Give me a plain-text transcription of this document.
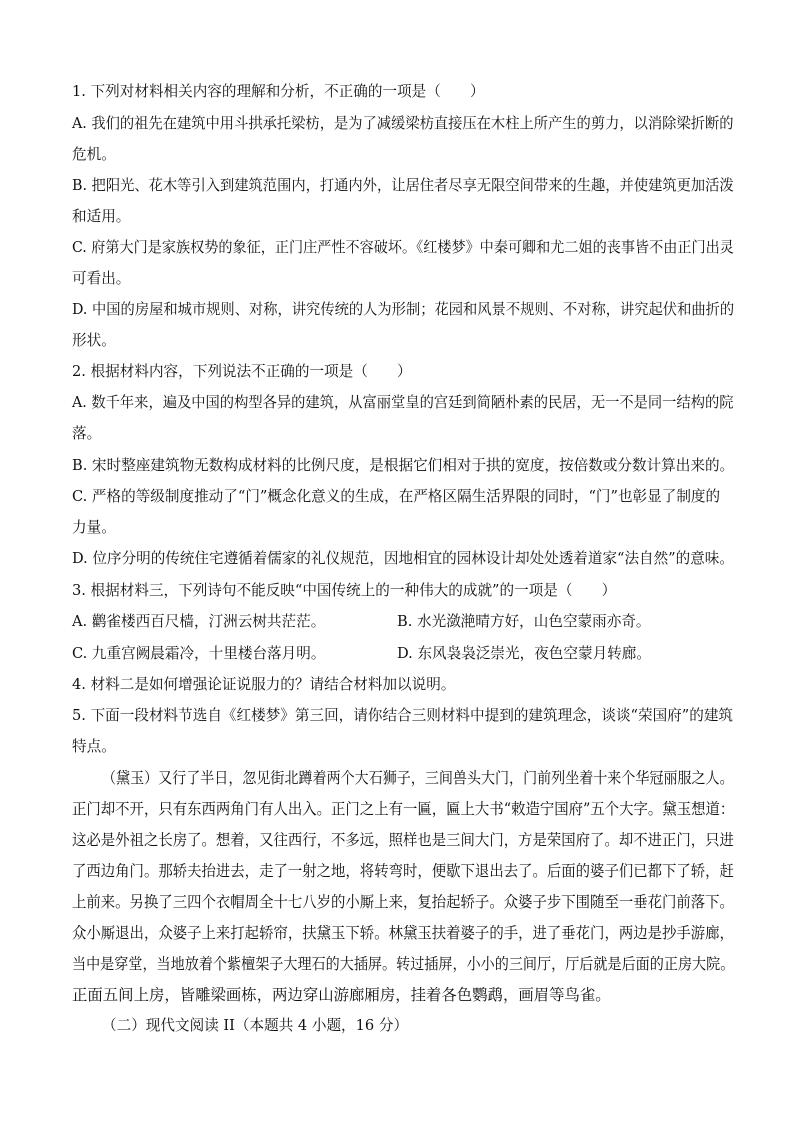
1. 下列对材料相关内容的理解和分析，不正确的一项是（　　）
A. 我们的祖先在建筑中用斗拱承托梁枋，是为了减缓梁枋直接压在木柱上所产生的剪力，以消除梁折断的
危机。
B. 把阳光、花木等引入到建筑范围内，打通内外，让居住者尽享无限空间带来的生趣，并使建筑更加活泼
和适用。
C. 府第大门是家族权势的象征，正门庄严性不容破坏。《红楼梦》中秦可卿和尤二姐的丧事皆不由正门出灵
可看出。
D. 中国的房屋和城市规则、对称，讲究传统的人为形制；花园和风景不规则、不对称，讲究起伏和曲折的
形状。
2. 根据材料内容，下列说法不正确的一项是（　　）
A. 数千年来，遍及中国的构型各异的建筑，从富丽堂皇的宫廷到简陋朴素的民居，无一不是同一结构的院
落。
B. 宋时整座建筑物无数构成材料的比例尺度，是根据它们相对于拱的宽度，按倍数或分数计算出来的。
C. 严格的等级制度推动了“门”概念化意义的生成，在严格区隔生活界限的同时，“门”也彰显了制度的
力量。
D. 位序分明的传统住宅遵循着儒家的礼仪规范，因地相宜的园林设计却处处透着道家“法自然”的意味。
3. 根据材料三，下列诗句不能反映“中国传统上的一种伟大的成就”的一项是（　　）
A. 鹳雀楼西百尺樯，汀洲云树共茫茫。	B. 水光潋滟晴方好，山色空蒙雨亦奇。
C. 九重宫阙晨霜冷，十里楼台落月明。	D. 东风袅袅泛崇光，夜色空蒙月转廊。
4. 材料二是如何增强论证说服力的？请结合材料加以说明。
5. 下面一段材料节选自《红楼梦》第三回，请你结合三则材料中提到的建筑理念，谈谈“荣国府”的建筑
特点。
（黛玉）又行了半日，忽见街北蹲着两个大石狮子，三间兽头大门，门前列坐着十来个华冠丽服之人。
正门却不开，只有东西两角门有人出入。正门之上有一匾，匾上大书“敕造宁国府”五个大字。黛玉想道：
这必是外祖之长房了。想着，又往西行，不多远，照样也是三间大门，方是荣国府了。却不进正门，只进
了西边角门。那轿夫抬进去，走了一射之地，将转弯时，便歇下退出去了。后面的婆子们已都下了轿，赶
上前来。另换了三四个衣帽周全十七八岁的小厮上来，复抬起轿子。众婆子步下围随至一垂花门前落下。
众小厮退出，众婆子上来打起轿帘，扶黛玉下轿。林黛玉扶着婆子的手，进了垂花门，两边是抄手游廊，
当中是穿堂，当地放着个紫檀架子大理石的大插屏。转过插屏，小小的三间厅，厅后就是后面的正房大院。
正面五间上房，皆雕梁画栋，两边穿山游廊厢房，挂着各色鹦鹉，画眉等鸟雀。
（二）现代文阅读 II（本题共 4 小题，16 分）
